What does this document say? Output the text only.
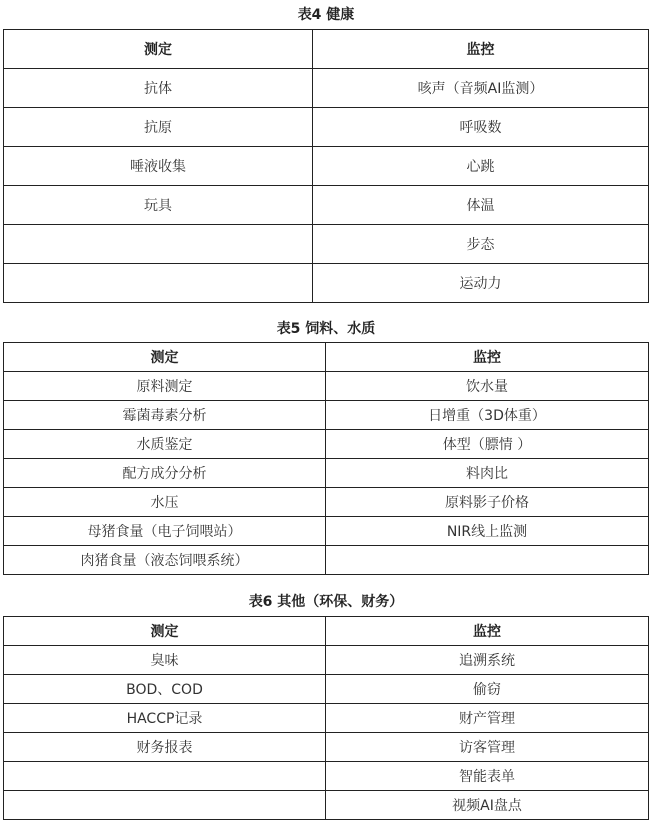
表4 健康
测定	监控
抗体	咳声（音频AI监测）
抗原	呼吸数
唾液收集	心跳
玩具	体温
	步态
	运动力
表5 饲料、水质
测定	监控
原料测定	饮水量
霉菌毒素分析	日增重（3D体重）
水质鉴定	体型（膘情 ）
配方成分分析	料肉比
水压	原料影子价格
母猪食量（电子饲喂站）	NIR线上监测
肉猪食量（液态饲喂系统）	
表6 其他（环保、财务）
测定	监控
臭味	追溯系统
BOD、COD	偷窃
HACCP记录	财产管理
财务报表	访客管理
	智能表单
	视频AI盘点
